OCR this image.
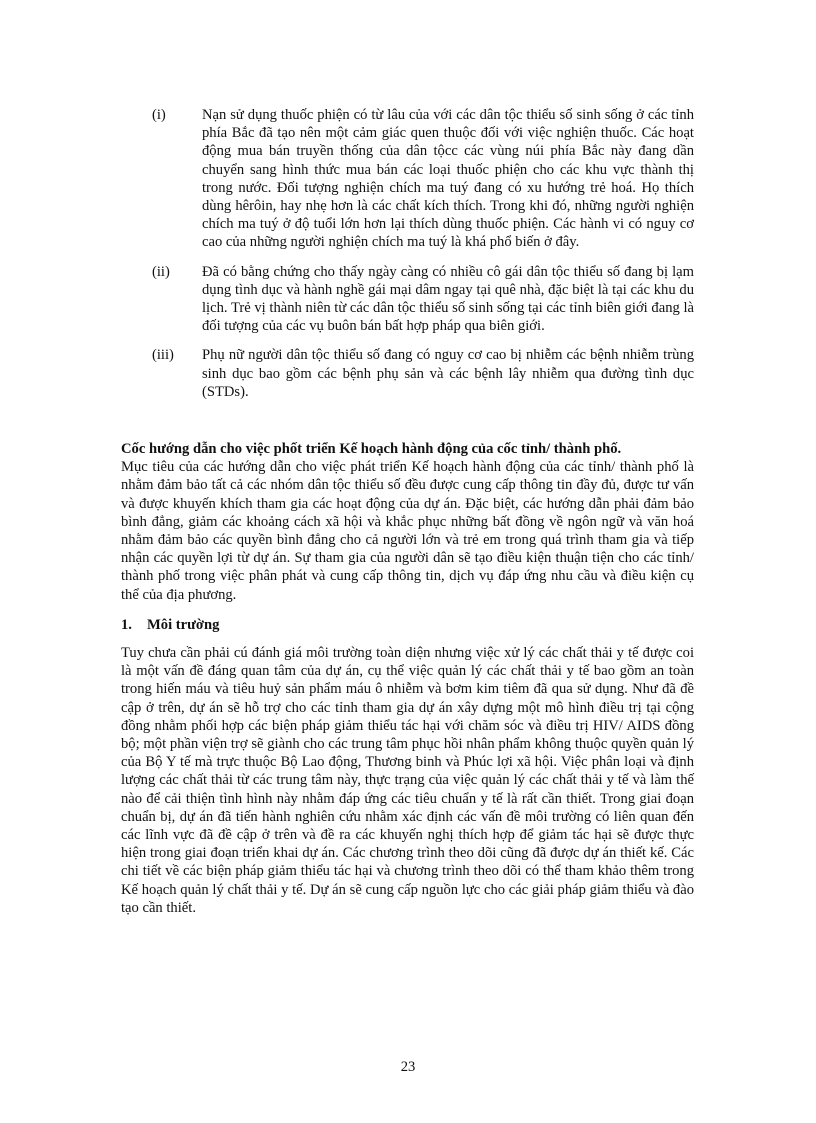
(i)	Nạn sử dụng thuốc phiện có từ lâu của với các dân tộc thiểu số sinh sống ở các tỉnh phía Bắc đã tạo nên một cảm giác quen thuộc đối với việc nghiện thuốc. Các hoạt động mua bán truyền thống của dân tộcc các vùng núi phía Bắc này đang dần chuyển sang hình thức mua bán các loại thuốc phiện cho các khu vực thành thị trong nước. Đối tượng nghiện chích ma tuý đang có xu hướng trẻ hoá. Họ thích dùng hêrôin, hay nhẹ hơn là các chất kích thích. Trong khi đó, những người nghiện chích ma tuý ở độ tuổi lớn hơn lại thích dùng thuốc phiện. Các hành vi có nguy cơ cao của những người nghiện chích ma tuý là khá phổ biến ở đây.
(ii)	Đã có bằng chứng cho thấy ngày càng có nhiều cô gái dân tộc thiểu số đang bị lạm dụng tình dục và hành nghề gái mại dâm ngay tại quê nhà, đặc biệt là tại các khu du lịch. Trẻ vị thành niên từ các dân tộc thiểu số sinh sống tại các tỉnh biên giới đang là đối tượng của các vụ buôn bán bất hợp pháp qua biên giới.
(iii)	Phụ nữ người dân tộc thiểu số đang có nguy cơ cao bị nhiễm các bệnh nhiễm trùng sinh dục bao gồm các bệnh phụ sản và các bệnh lây nhiễm qua đường tình dục (STDs).

Cốc hướng dẫn cho việc phốt triển Kế hoạch hành động của cốc tỉnh/ thành phố.

Mục tiêu của các hướng dẫn cho việc phát triển Kế hoạch hành động của các tỉnh/ thành phố là nhằm đảm bảo tất cả các nhóm dân tộc thiểu số đều được cung cấp thông tin đầy đủ, được tư vấn và được khuyến khích tham gia các hoạt động của dự án. Đặc biệt, các hướng dẫn phải đảm bảo bình đẳng, giảm các khoảng cách xã hội và khắc phục những bất đồng về ngôn ngữ và văn hoá nhằm đảm bảo các quyền bình đẳng cho cả người lớn và trẻ em trong quá trình tham gia và tiếp nhận các quyền lợi từ dự án. Sự tham gia của người dân sẽ tạo điều kiện thuận tiện cho các tỉnh/ thành phố trong việc phân phát và cung cấp thông tin, dịch vụ đáp ứng nhu cầu và điều kiện cụ thể của địa phương.

1. Môi trường

Tuy chưa cần phải cú đánh giá môi trường toàn diện nhưng việc xử lý các chất thải y tế được coi là một vấn đề đáng quan tâm của dự án, cụ thể việc quản lý các chất thải y tế bao gồm an toàn trong hiến máu và tiêu huỷ sản phẩm máu ô nhiễm và bơm kim tiêm đã qua sử dụng. Như đã đề cập ở trên, dự án sẽ hỗ trợ cho các tỉnh tham gia dự án xây dựng một mô hình điều trị tại cộng đồng nhằm phối hợp các biện pháp giảm thiểu tác hại với chăm sóc và điều trị HIV/ AIDS đồng bộ; một phần viện trợ sẽ giành cho các trung tâm phục hồi nhân phẩm không thuộc quyền quản lý của Bộ Y tế mà trực thuộc Bộ Lao động, Thương binh và Phúc lợi xã hội. Việc phân loại và định lượng các chất thải từ các trung tâm này, thực trạng của việc quản lý các chất thải y tế và làm thế nào để cải thiện tình hình này nhằm đáp ứng các tiêu chuẩn y tế là rất cần thiết. Trong giai đoạn chuẩn bị, dự án đã tiến hành nghiên cứu nhằm xác định các vấn đề môi trường có liên quan đến các lĩnh vực đã đề cập ở trên và đề ra các khuyến nghị thích hợp để giảm tác hại sẽ được thực hiện trong giai đoạn triển khai dự án. Các chương trình theo dõi cũng đã được dự án thiết kế. Các chi tiết về các biện pháp giảm thiểu tác hại và chương trình theo dõi có thể tham khảo thêm trong Kế hoạch quản lý chất thải y tế. Dự án sẽ cung cấp nguồn lực cho các giải pháp giảm thiểu và đào tạo cần thiết.

23
